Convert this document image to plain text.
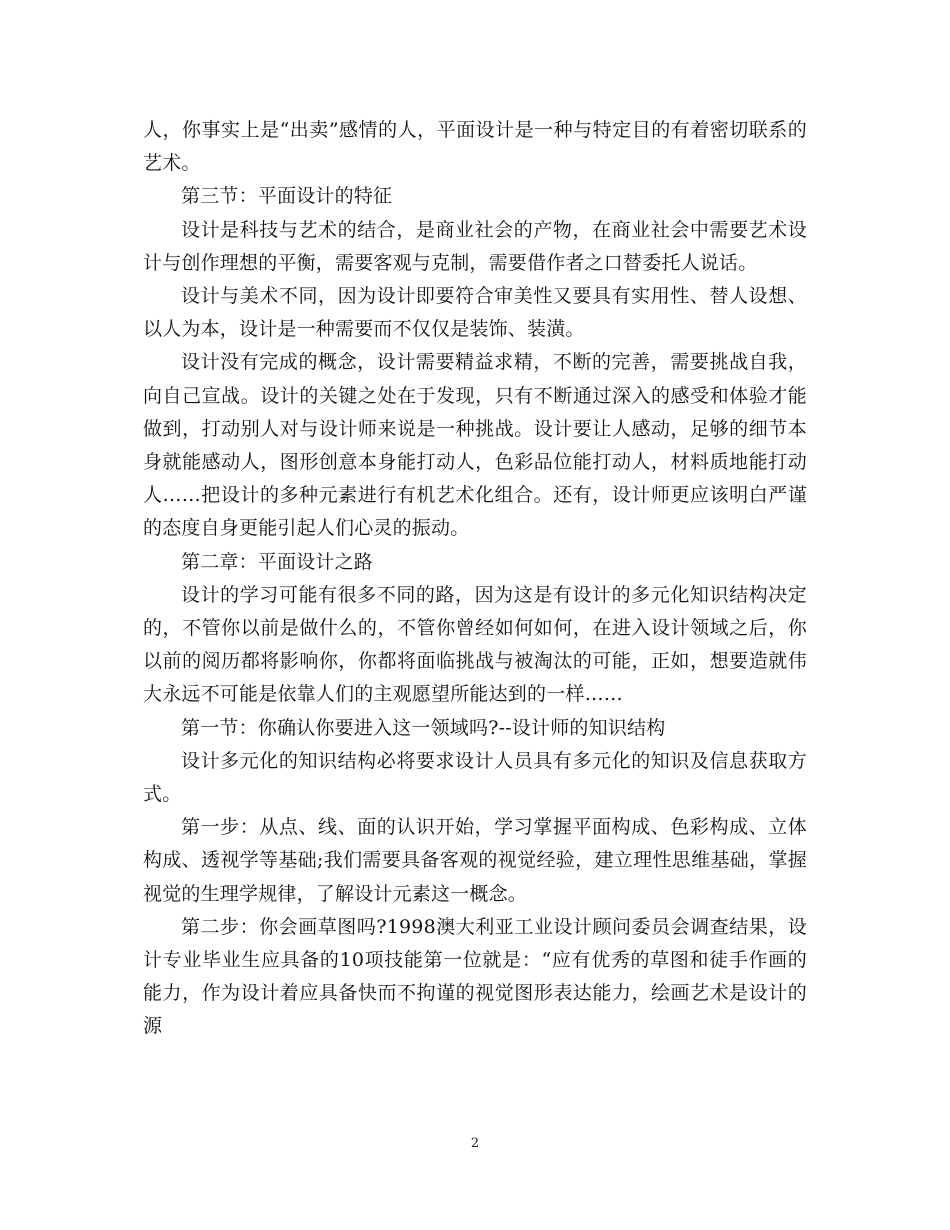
人，你事实上是“出卖”感情的人，平面设计是一种与特定目的有着密切联系的艺术。

第三节：平面设计的特征

设计是科技与艺术的结合，是商业社会的产物，在商业社会中需要艺术设计与创作理想的平衡，需要客观与克制，需要借作者之口替委托人说话。

设计与美术不同，因为设计即要符合审美性又要具有实用性、替人设想、以人为本，设计是一种需要而不仅仅是装饰、装潢。

设计没有完成的概念，设计需要精益求精，不断的完善，需要挑战自我，向自己宣战。设计的关键之处在于发现，只有不断通过深入的感受和体验才能做到，打动别人对与设计师来说是一种挑战。设计要让人感动，足够的细节本身就能感动人，图形创意本身能打动人，色彩品位能打动人，材料质地能打动人……把设计的多种元素进行有机艺术化组合。还有，设计师更应该明白严谨的态度自身更能引起人们心灵的振动。

第二章：平面设计之路

设计的学习可能有很多不同的路，因为这是有设计的多元化知识结构决定的，不管你以前是做什么的，不管你曾经如何如何，在进入设计领域之后，你以前的阅历都将影响你，你都将面临挑战与被淘汰的可能，正如，想要造就伟大永远不可能是依靠人们的主观愿望所能达到的一样……

第一节：你确认你要进入这一领域吗?--设计师的知识结构

设计多元化的知识结构必将要求设计人员具有多元化的知识及信息获取方式。

第一步：从点、线、面的认识开始，学习掌握平面构成、色彩构成、立体构成、透视学等基础;我们需要具备客观的视觉经验，建立理性思维基础，掌握视觉的生理学规律，了解设计元素这一概念。

第二步：你会画草图吗?1998澳大利亚工业设计顾问委员会调查结果，设计专业毕业生应具备的10项技能第一位就是：“应有优秀的草图和徒手作画的能力，作为设计着应具备快而不拘谨的视觉图形表达能力，绘画艺术是设计的源

2
